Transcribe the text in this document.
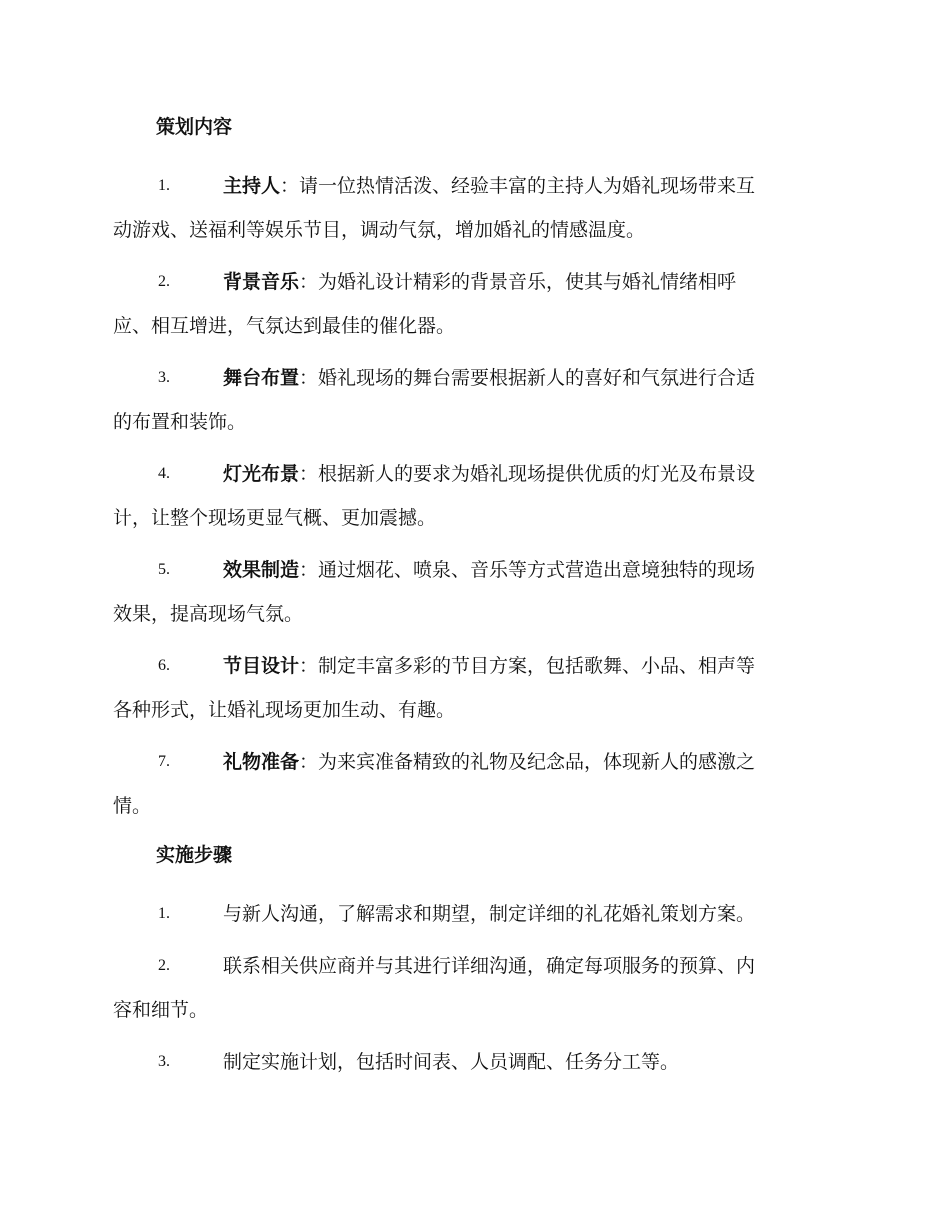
策划内容
1.	主持人：请一位热情活泼、经验丰富的主持人为婚礼现场带来互
动游戏、送福利等娱乐节目，调动气氛，增加婚礼的情感温度。
2.	背景音乐：为婚礼设计精彩的背景音乐，使其与婚礼情绪相呼
应、相互增进，气氛达到最佳的催化器。
3.	舞台布置：婚礼现场的舞台需要根据新人的喜好和气氛进行合适
的布置和装饰。
4.	灯光布景：根据新人的要求为婚礼现场提供优质的灯光及布景设
计，让整个现场更显气概、更加震撼。
5.	效果制造：通过烟花、喷泉、音乐等方式营造出意境独特的现场
效果，提高现场气氛。
6.	节目设计：制定丰富多彩的节目方案，包括歌舞、小品、相声等
各种形式，让婚礼现场更加生动、有趣。
7.	礼物准备：为来宾准备精致的礼物及纪念品，体现新人的感激之
情。
实施步骤
1.	与新人沟通，了解需求和期望，制定详细的礼花婚礼策划方案。
2.	联系相关供应商并与其进行详细沟通，确定每项服务的预算、内
容和细节。
3.	制定实施计划，包括时间表、人员调配、任务分工等。
